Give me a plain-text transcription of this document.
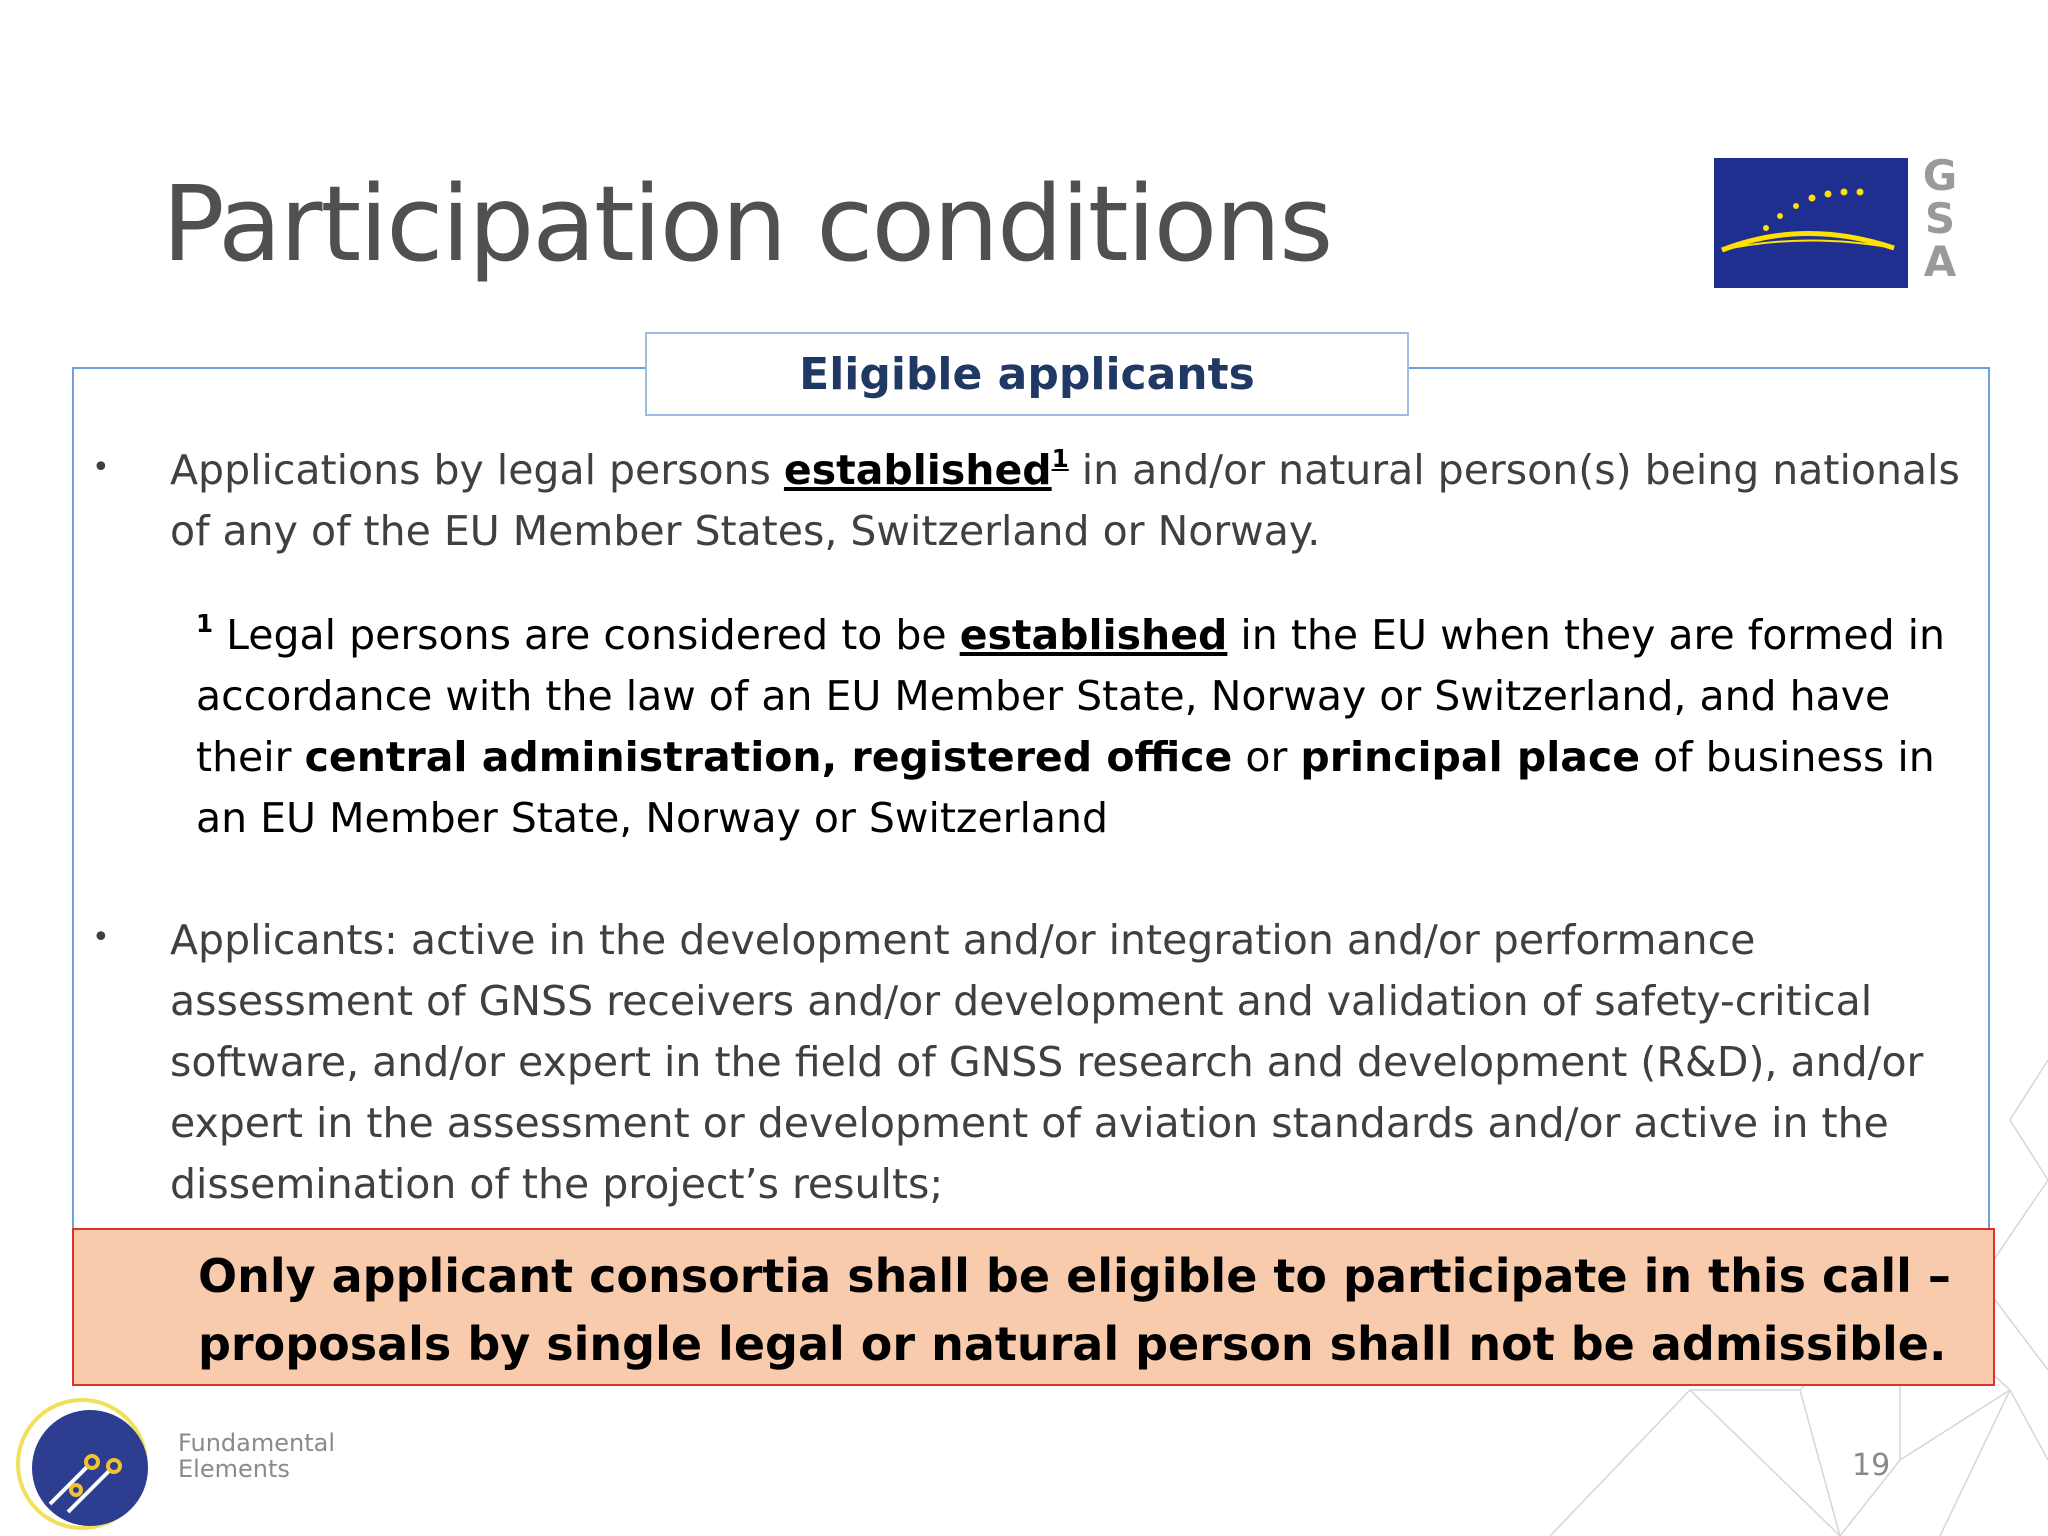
Participation conditions	G
S
A
Eligible applicants
• Applications by legal persons established$^1$ in and/or natural person(s) being nationals of any of the EU Member States, Switzerland or Norway.
$^1$ Legal persons are considered to be established in the EU when they are formed in accordance with the law of an EU Member State, Norway or Switzerland, and have their central administration, registered office or principal place of business in an EU Member State, Norway or Switzerland
• Applicants: active in the development and/or integration and/or performance assessment of GNSS receivers and/or development and validation of safety-critical software, and/or expert in the field of GNSS research and development (R&D), and/or expert in the assessment or development of aviation standards and/or active in the dissemination of the project’s results;
Only applicant consortia shall be eligible to participate in this call –
proposals by single legal or natural person shall not be admissible.
Fundamental
Elements	19
